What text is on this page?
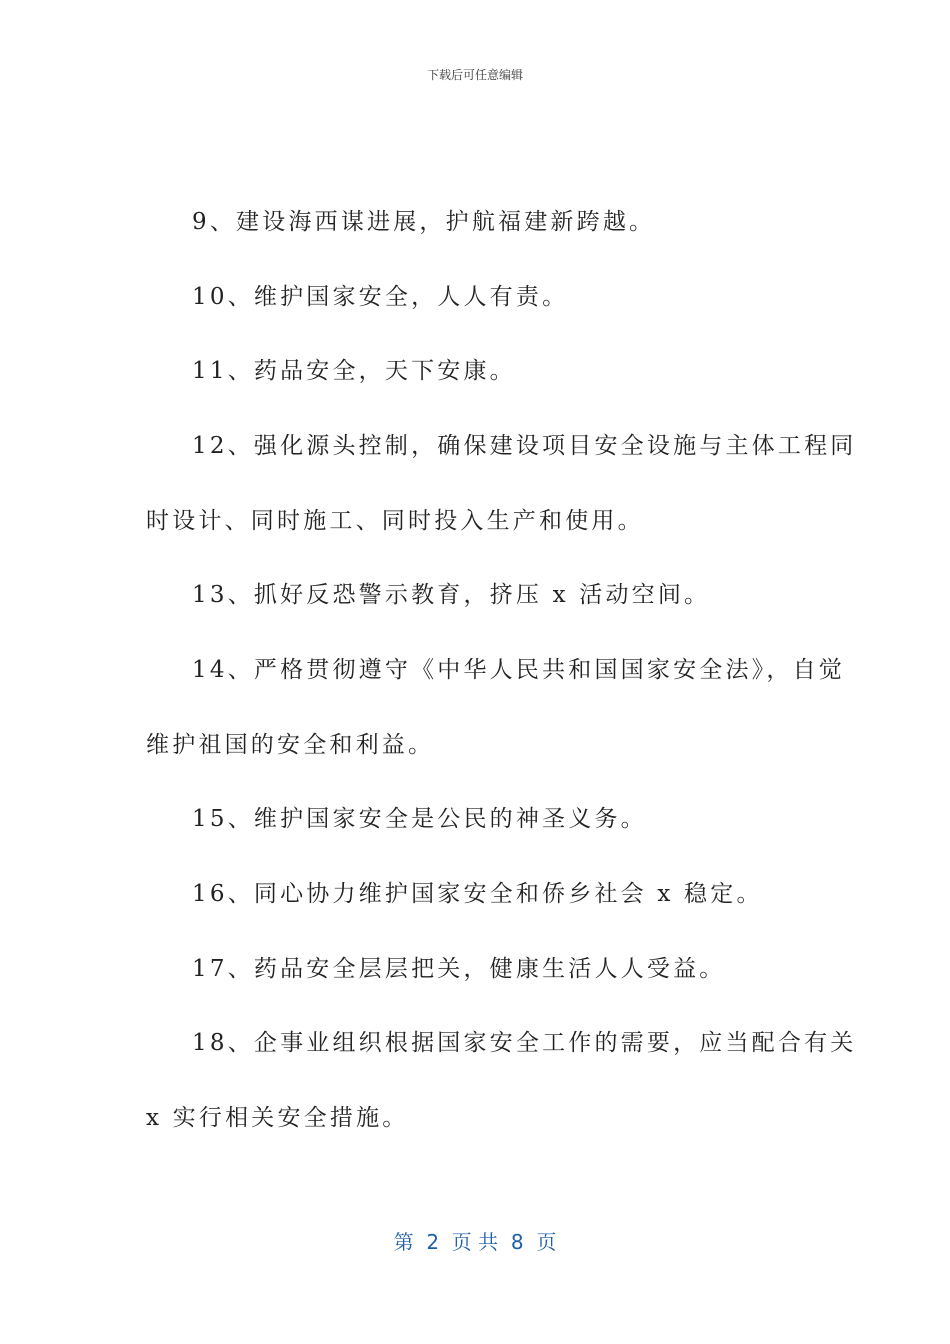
下载后可任意编辑
9、建设海西谋进展，护航福建新跨越。
10、维护国家安全，人人有责。
11、药品安全，天下安康。
12、强化源头控制，确保建设项目安全设施与主体工程同
时设计、同时施工、同时投入生产和使用。
13、抓好反恐警示教育，挤压 x 活动空间。
14、严格贯彻遵守《中华人民共和国国家安全法》，自觉
维护祖国的安全和利益。
15、维护国家安全是公民的神圣义务。
16、同心协力维护国家安全和侨乡社会 x 稳定。
17、药品安全层层把关，健康生活人人受益。
18、企事业组织根据国家安全工作的需要，应当配合有关
x 实行相关安全措施。
第  2  页 共  8  页
